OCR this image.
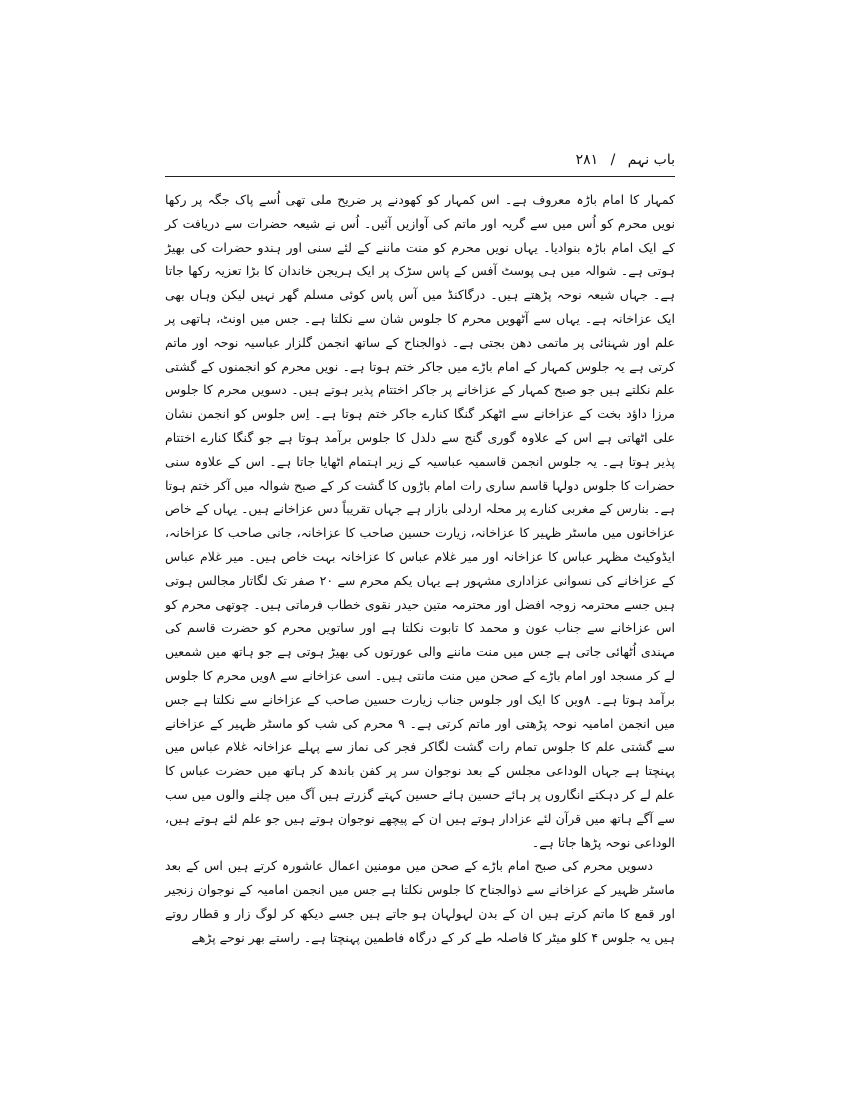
باب نہم / ۲۸۱

کمہار کا امام باڑہ معروف ہے۔ اس کمہار کو کھودنے پر ضریح ملی تھی اُسے پاک جگہ پر رکھا نویں محرم کو اُس میں سے گریہ اور ماتم کی آوازیں آئیں۔ اُس نے شیعہ حضرات سے دریافت کر کے ایک امام باڑہ بنوادیا۔ یہاں نویں محرم کو منت ماننے کے لئے سنی اور ہندو حضرات کی بھیڑ ہوتی ہے۔ شوالہ میں ہی پوسٹ آفس کے پاس سڑک پر ایک ہریجن خاندان کا بڑا تعزیہ رکھا جاتا ہے۔ جہاں شیعہ نوحہ پڑھتے ہیں۔ درگاکنڈ میں آس پاس کوئی مسلم گھر نہیں لیکن وہاں بھی ایک عزاخانہ ہے۔ یہاں سے آٹھویں محرم کا جلوس شان سے نکلتا ہے۔ جس میں اونٹ، ہاتھی پر علم اور شہنائی پر ماتمی دھن بجتی ہے۔ ذوالجناح کے ساتھ انجمن گلزار عباسیہ نوحہ اور ماتم کرتی ہے یہ جلوس کمہار کے امام باڑے میں جاکر ختم ہوتا ہے۔ نویں محرم کو انجمنوں کے گشتی علم نکلتے ہیں جو صبح کمہار کے عزاخانے پر جاکر اختتام پذیر ہوتے ہیں۔ دسویں محرم کا جلوس مرزا داؤد بخت کے عزاخانے سے اٹھکر گنگا کنارے جاکر ختم ہوتا ہے۔ اِس جلوس کو انجمن نشان علی اٹھاتی ہے اس کے علاوہ گوری گنج سے دلدل کا جلوس برآمد ہوتا ہے جو گنگا کنارے اختتام پذیر ہوتا ہے۔ یہ جلوس انجمن قاسمیہ عباسیہ کے زیر اہتمام اٹھایا جاتا ہے۔ اس کے علاوہ سنی حضرات کا جلوس دولہا قاسم ساری رات امام باڑوں کا گشت کر کے صبح شوالہ میں آکر ختم ہوتا ہے۔ بنارس کے مغربی کنارے پر محلہ اردلی بازار ہے جہاں تقریباً دس عزاخانے ہیں۔ یہاں کے خاص عزاخانوں میں ماسٹر ظہیر کا عزاخانہ، زیارت حسین صاحب کا عزاخانہ، جانی صاحب کا عزاخانہ، ایڈوکیٹ مظہر عباس کا عزاخانہ اور میر غلام عباس کا عزاخانہ بہت خاص ہیں۔ میر غلام عباس کے عزاخانے کی نسوانی عزاداری مشہور ہے یہاں یکم محرم سے ۲۰ صفر تک لگاتار مجالس ہوتی ہیں جسے محترمہ زوجہ افضل اور محترمہ متین حیدر نقوی خطاب فرماتی ہیں۔ چوتھی محرم کو اس عزاخانے سے جناب عون و محمد کا تابوت نکلتا ہے اور ساتویں محرم کو حضرت قاسم کی مہندی اُٹھائی جاتی ہے جس میں منت ماننے والی عورتوں کی بھیڑ ہوتی ہے جو ہاتھ میں شمعیں لے کر مسجد اور امام باڑے کے صحن میں منت مانتی ہیں۔ اسی عزاخانے سے ۸ویں محرم کا جلوس برآمد ہوتا ہے۔ ۸ویں کا ایک اور جلوس جناب زیارت حسین صاحب کے عزاخانے سے نکلتا ہے جس میں انجمن امامیہ نوحہ پڑھتی اور ماتم کرتی ہے۔ ۹ محرم کی شب کو ماسٹر ظہیر کے عزاخانے سے گشتی علم کا جلوس تمام رات گشت لگاکر فجر کی نماز سے پہلے عزاخانہ غلام عباس میں پہنچتا ہے جہاں الوداعی مجلس کے بعد نوجوان سر پر کفن باندھ کر ہاتھ میں حضرت عباس کا علم لے کر دہکتے انگاروں پر ہائے حسین ہائے حسین کہتے گزرتے ہیں آگ میں چلنے والوں میں سب سے آگے ہاتھ میں قرآن لئے عزادار ہوتے ہیں ان کے پیچھے نوجوان ہوتے ہیں جو علم لئے ہوتے ہیں، الوداعی نوحہ پڑھا جاتا ہے۔

دسویں محرم کی صبح امام باڑے کے صحن میں مومنین اعمال عاشورہ کرتے ہیں اس کے بعد ماسٹر ظہیر کے عزاخانے سے ذوالجناح کا جلوس نکلتا ہے جس میں انجمن امامیہ کے نوجوان زنجیر اور قمع کا ماتم کرتے ہیں ان کے بدن لہولہان ہو جاتے ہیں جسے دیکھ کر لوگ زار و قطار روتے ہیں یہ جلوس ۴ کلو میٹر کا فاصلہ طے کر کے درگاہ فاطمین پہنچتا ہے۔ راستے بھر نوحے پڑھے
